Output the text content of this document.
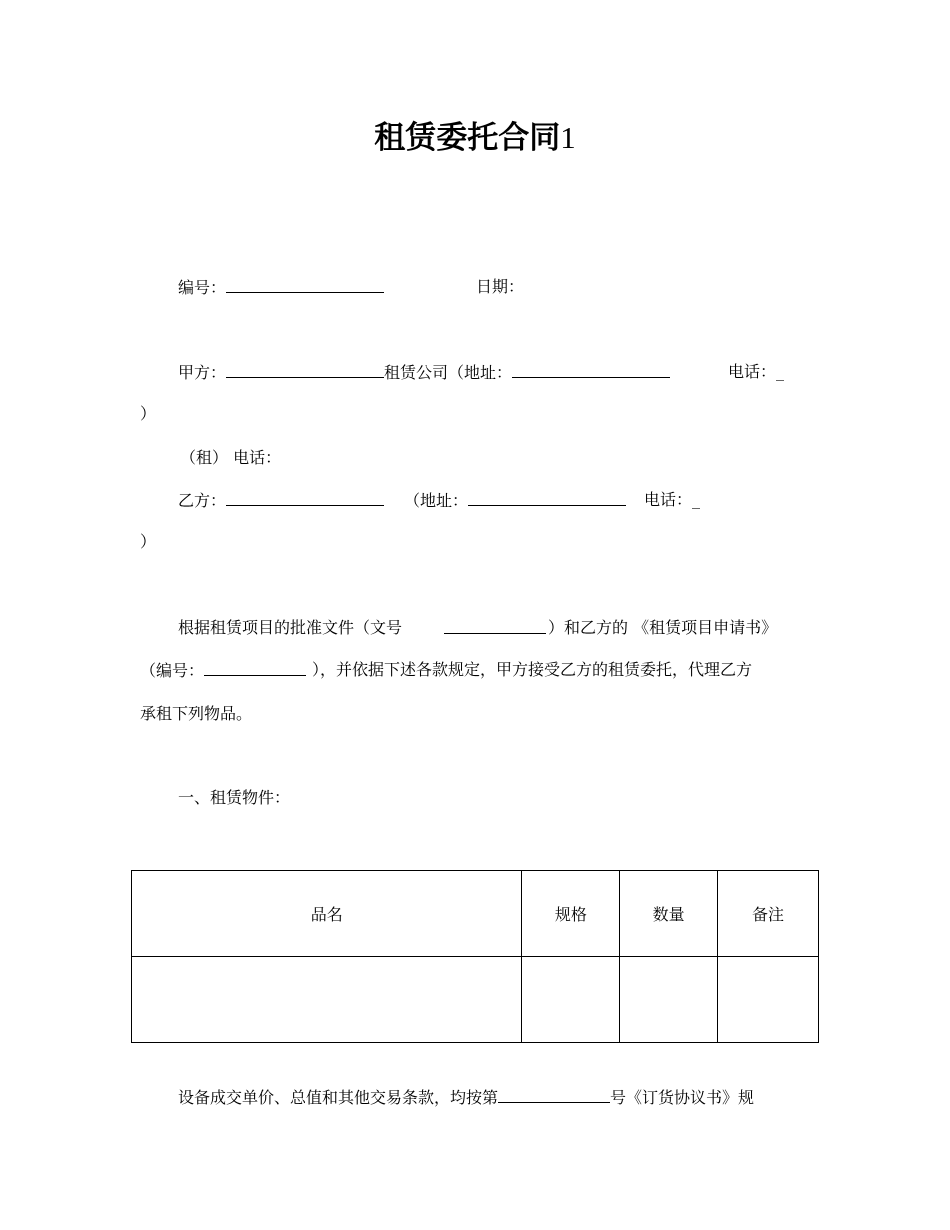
租赁委托合同1
编号：	日期：
甲方：	租赁公司（地址：	电话：_
）
（租） 电话：
乙方：	（地址：	电话：_
）
根据租赁项目的批准文件（文号	）和乙方的 《租赁项目申请书》
（编号：	），并依据下述各款规定，甲方接受乙方的租赁委托，代理乙方
承租下列物品。
一、租赁物件：
品名	规格	数量	备注

设备成交单价、总值和其他交易条款，均按第	号《订货协议书》规
